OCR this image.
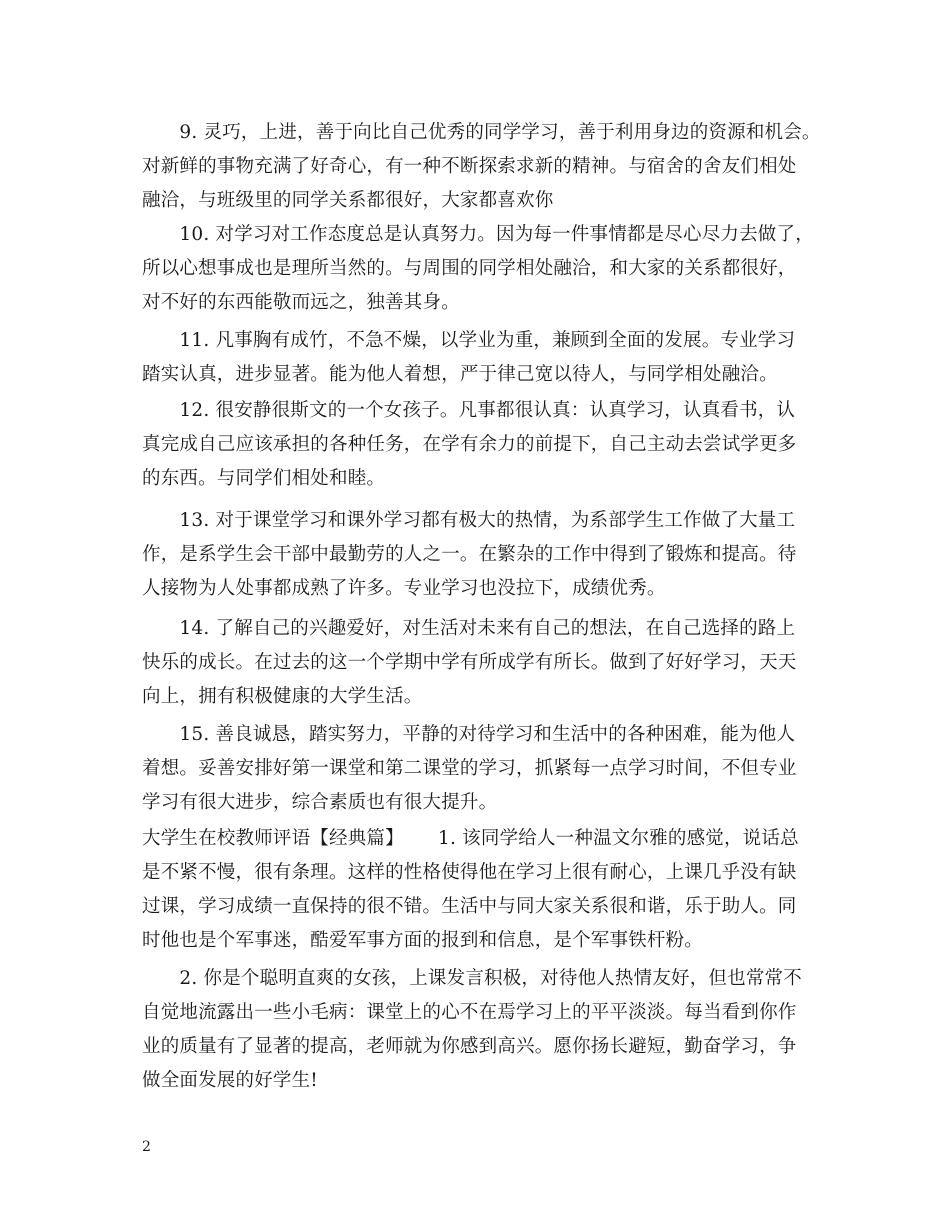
　　9. 灵巧，上进，善于向比自己优秀的同学学习，善于利用身边的资源和机会。
对新鲜的事物充满了好奇心，有一种不断探索求新的精神。与宿舍的舍友们相处
融洽，与班级里的同学关系都很好，大家都喜欢你

　　10. 对学习对工作态度总是认真努力。因为每一件事情都是尽心尽力去做了，
所以心想事成也是理所当然的。与周围的同学相处融洽，和大家的关系都很好，
对不好的东西能敬而远之，独善其身。

　　11. 凡事胸有成竹，不急不燥，以学业为重，兼顾到全面的发展。专业学习
踏实认真，进步显著。能为他人着想，严于律己宽以待人，与同学相处融洽。

　　12. 很安静很斯文的一个女孩子。凡事都很认真：认真学习，认真看书，认
真完成自己应该承担的各种任务，在学有余力的前提下，自己主动去尝试学更多
的东西。与同学们相处和睦。

　　13. 对于课堂学习和课外学习都有极大的热情，为系部学生工作做了大量工
作，是系学生会干部中最勤劳的人之一。在繁杂的工作中得到了锻炼和提高。待
人接物为人处事都成熟了许多。专业学习也没拉下，成绩优秀。

　　14. 了解自己的兴趣爱好，对生活对未来有自己的想法，在自己选择的路上
快乐的成长。在过去的这一个学期中学有所成学有所长。做到了好好学习，天天
向上，拥有积极健康的大学生活。

　　15. 善良诚恳，踏实努力，平静的对待学习和生活中的各种困难，能为他人
着想。妥善安排好第一课堂和第二课堂的学习，抓紧每一点学习时间，不但专业
学习有很大进步，综合素质也有很大提升。

大学生在校教师评语【经典篇】　　 1. 该同学给人一种温文尔雅的感觉，说话总
是不紧不慢，很有条理。这样的性格使得他在学习上很有耐心，上课几乎没有缺
过课，学习成绩一直保持的很不错。生活中与同大家关系很和谐，乐于助人。同
时他也是个军事迷，酷爱军事方面的报到和信息，是个军事铁杆粉。

　　2. 你是个聪明直爽的女孩，上课发言积极，对待他人热情友好，但也常常不
自觉地流露出一些小毛病：课堂上的心不在焉学习上的平平淡淡。每当看到你作
业的质量有了显著的提高，老师就为你感到高兴。愿你扬长避短，勤奋学习，争
做全面发展的好学生!

2
